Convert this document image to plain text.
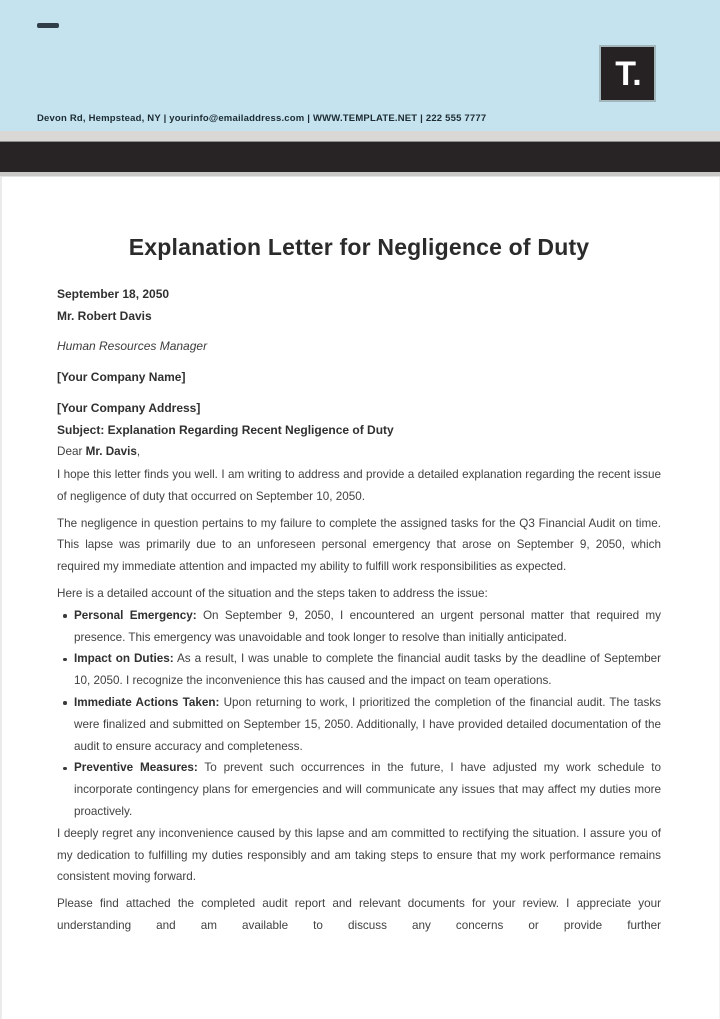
T.
Devon Rd, Hempstead, NY | yourinfo@emailaddress.com | WWW.TEMPLATE.NET | 222 555 7777
Explanation Letter for Negligence of Duty
September 18, 2050
Mr. Robert Davis
Human Resources Manager
[Your Company Name]
[Your Company Address]
Subject: Explanation Regarding Recent Negligence of Duty
Dear Mr. Davis,

I hope this letter finds you well. I am writing to address and provide a detailed explanation regarding the recent issue of negligence of duty that occurred on September 10, 2050.

The negligence in question pertains to my failure to complete the assigned tasks for the Q3 Financial Audit on time. This lapse was primarily due to an unforeseen personal emergency that arose on September 9, 2050, which required my immediate attention and impacted my ability to fulfill work responsibilities as expected.

Here is a detailed account of the situation and the steps taken to address the issue:

Personal Emergency: On September 9, 2050, I encountered an urgent personal matter that required my presence. This emergency was unavoidable and took longer to resolve than initially anticipated.
Impact on Duties: As a result, I was unable to complete the financial audit tasks by the deadline of September 10, 2050. I recognize the inconvenience this has caused and the impact on team operations.
Immediate Actions Taken: Upon returning to work, I prioritized the completion of the financial audit. The tasks were finalized and submitted on September 15, 2050. Additionally, I have provided detailed documentation of the audit to ensure accuracy and completeness.
Preventive Measures: To prevent such occurrences in the future, I have adjusted my work schedule to incorporate contingency plans for emergencies and will communicate any issues that may affect my duties more proactively.

I deeply regret any inconvenience caused by this lapse and am committed to rectifying the situation. I assure you of my dedication to fulfilling my duties responsibly and am taking steps to ensure that my work performance remains consistent moving forward.

Please find attached the completed audit report and relevant documents for your review. I appreciate your understanding and am available to discuss any concerns or provide further
